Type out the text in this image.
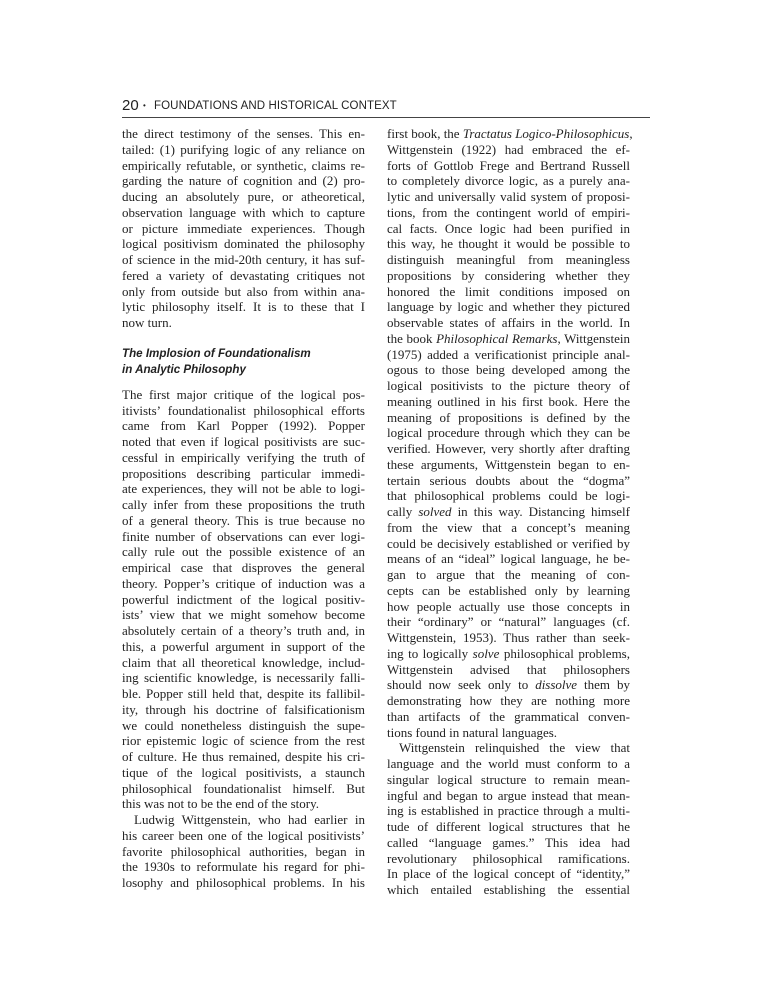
20 • FOUNDATIONS AND HISTORICAL CONTEXT
the direct testimony of the senses. This en-
tailed: (1) purifying logic of any reliance on
empirically refutable, or synthetic, claims re-
garding the nature of cognition and (2) pro-
ducing an absolutely pure, or atheoretical,
observation language with which to capture
or picture immediate experiences. Though
logical positivism dominated the philosophy
of science in the mid-20th century, it has suf-
fered a variety of devastating critiques not
only from outside but also from within ana-
lytic philosophy itself. It is to these that I
now turn.
The Implosion of Foundationalism
in Analytic Philosophy
The first major critique of the logical pos-
itivists’ foundationalist philosophical efforts
came from Karl Popper (1992). Popper
noted that even if logical positivists are suc-
cessful in empirically verifying the truth of
propositions describing particular immedi-
ate experiences, they will not be able to logi-
cally infer from these propositions the truth
of a general theory. This is true because no
finite number of observations can ever logi-
cally rule out the possible existence of an
empirical case that disproves the general
theory. Popper’s critique of induction was a
powerful indictment of the logical positiv-
ists’ view that we might somehow become
absolutely certain of a theory’s truth and, in
this, a powerful argument in support of the
claim that all theoretical knowledge, includ-
ing scientific knowledge, is necessarily falli-
ble. Popper still held that, despite its fallibil-
ity, through his doctrine of falsificationism
we could nonetheless distinguish the supe-
rior epistemic logic of science from the rest
of culture. He thus remained, despite his cri-
tique of the logical positivists, a staunch
philosophical foundationalist himself. But
this was not to be the end of the story.
Ludwig Wittgenstein, who had earlier in
his career been one of the logical positivists’
favorite philosophical authorities, began in
the 1930s to reformulate his regard for phi-
losophy and philosophical problems. In his
first book, the Tractatus Logico-Philosophicus,
Wittgenstein (1922) had embraced the ef-
forts of Gottlob Frege and Bertrand Russell
to completely divorce logic, as a purely ana-
lytic and universally valid system of proposi-
tions, from the contingent world of empiri-
cal facts. Once logic had been purified in
this way, he thought it would be possible to
distinguish meaningful from meaningless
propositions by considering whether they
honored the limit conditions imposed on
language by logic and whether they pictured
observable states of affairs in the world. In
the book Philosophical Remarks, Wittgenstein
(1975) added a verificationist principle anal-
ogous to those being developed among the
logical positivists to the picture theory of
meaning outlined in his first book. Here the
meaning of propositions is defined by the
logical procedure through which they can be
verified. However, very shortly after drafting
these arguments, Wittgenstein began to en-
tertain serious doubts about the “dogma”
that philosophical problems could be logi-
cally solved in this way. Distancing himself
from the view that a concept’s meaning
could be decisively established or verified by
means of an “ideal” logical language, he be-
gan to argue that the meaning of con-
cepts can be established only by learning
how people actually use those concepts in
their “ordinary” or “natural” languages (cf.
Wittgenstein, 1953). Thus rather than seek-
ing to logically solve philosophical problems,
Wittgenstein advised that philosophers
should now seek only to dissolve them by
demonstrating how they are nothing more
than artifacts of the grammatical conven-
tions found in natural languages.
Wittgenstein relinquished the view that
language and the world must conform to a
singular logical structure to remain mean-
ingful and began to argue instead that mean-
ing is established in practice through a multi-
tude of different logical structures that he
called “language games.” This idea had
revolutionary philosophical ramifications.
In place of the logical concept of “identity,”
which entailed establishing the essential
